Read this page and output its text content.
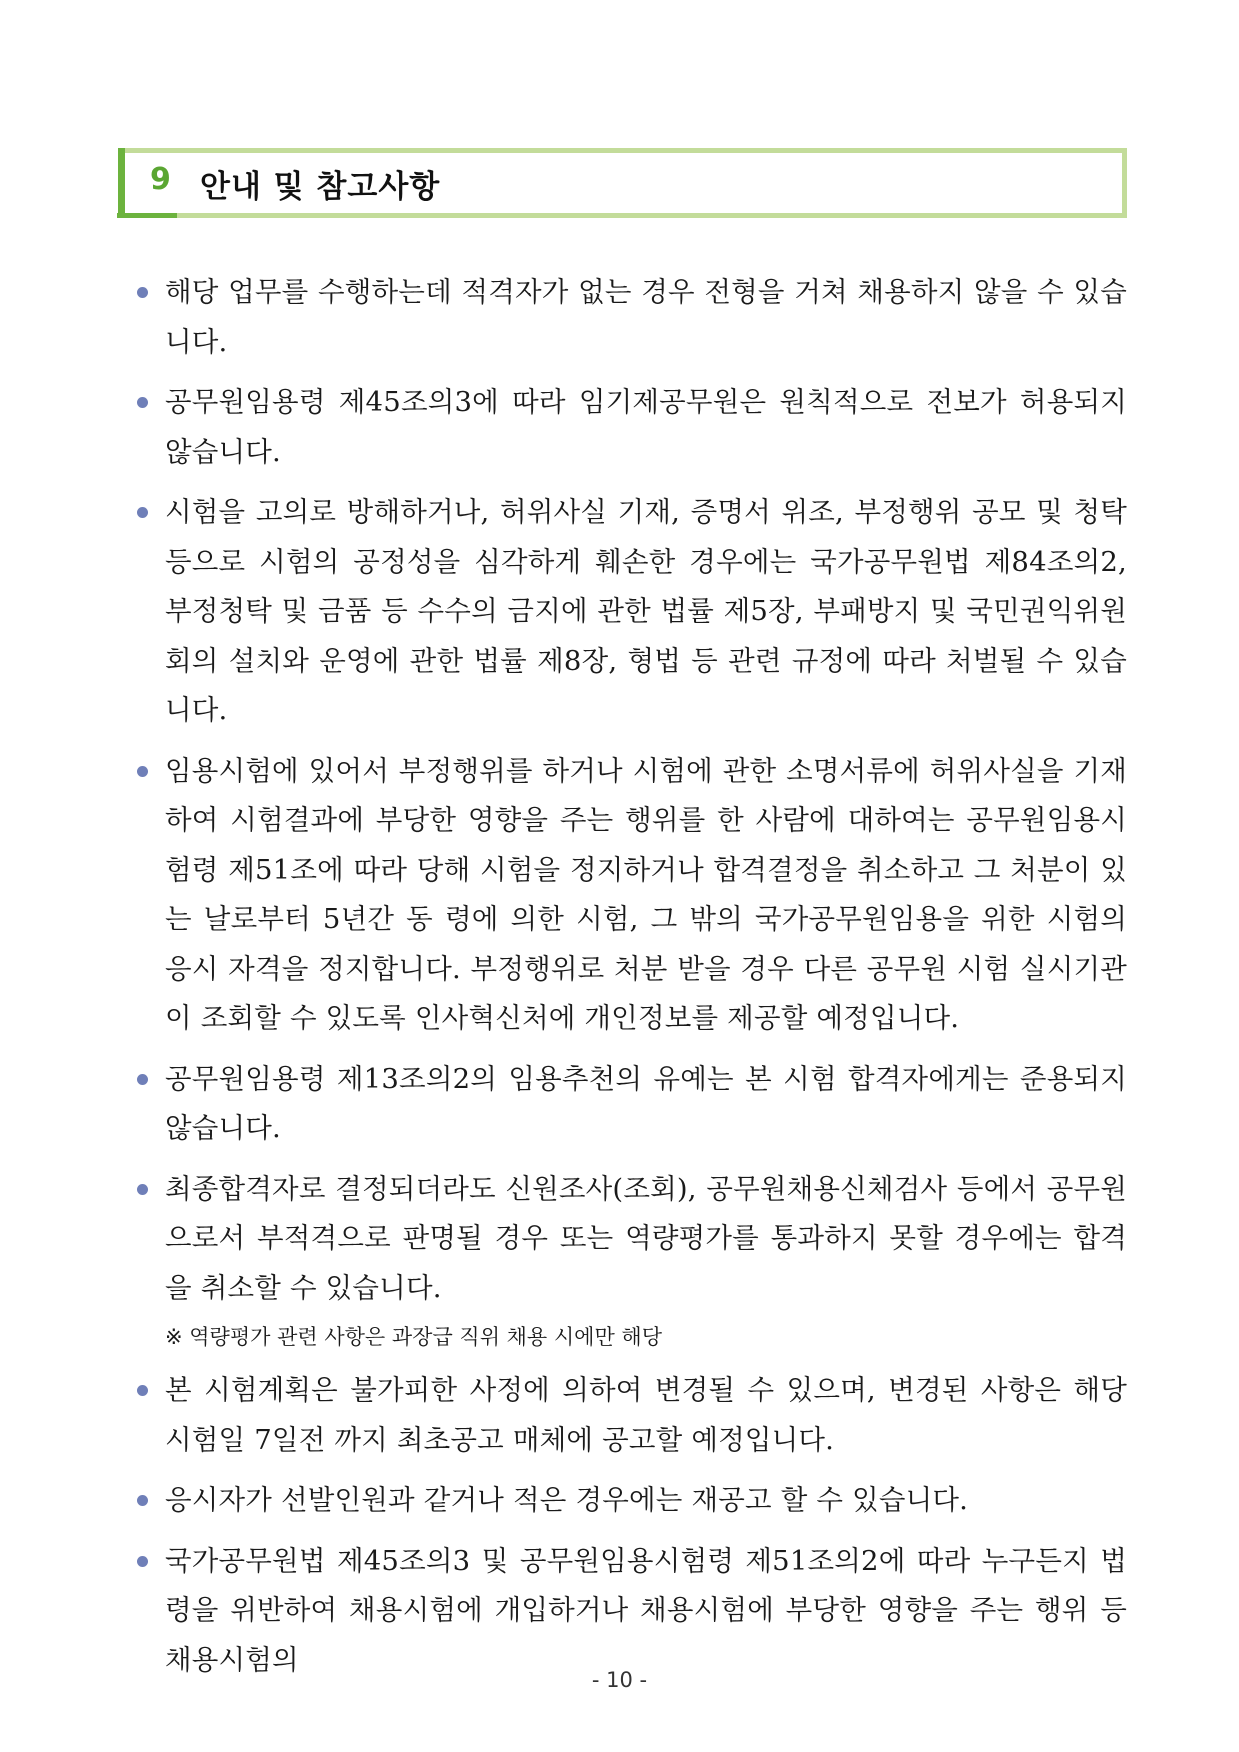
9 안내 및 참고사항
해당 업무를 수행하는데 적격자가 없는 경우 전형을 거쳐 채용하지 않을 수 있습니다.
공무원임용령 제45조의3에 따라 임기제공무원은 원칙적으로 전보가 허용되지 않습니다.
시험을 고의로 방해하거나, 허위사실 기재, 증명서 위조, 부정행위 공모 및 청탁 등으로 시험의 공정성을 심각하게 훼손한 경우에는 국가공무원법 제84조의2, 부정청탁 및 금품 등 수수의 금지에 관한 법률 제5장, 부패방지 및 국민권익위원회의 설치와 운영에 관한 법률 제8장, 형법 등 관련 규정에 따라 처벌될 수 있습니다.
임용시험에 있어서 부정행위를 하거나 시험에 관한 소명서류에 허위사실을 기재하여 시험결과에 부당한 영향을 주는 행위를 한 사람에 대하여는 공무원임용시험령 제51조에 따라 당해 시험을 정지하거나 합격결정을 취소하고 그 처분이 있는 날로부터 5년간 동 령에 의한 시험, 그 밖의 국가공무원임용을 위한 시험의 응시 자격을 정지합니다. 부정행위로 처분 받을 경우 다른 공무원 시험 실시기관이 조회할 수 있도록 인사혁신처에 개인정보를 제공할 예정입니다.
공무원임용령 제13조의2의 임용추천의 유예는 본 시험 합격자에게는 준용되지 않습니다.
최종합격자로 결정되더라도 신원조사(조회), 공무원채용신체검사 등에서 공무원으로서 부적격으로 판명될 경우 또는 역량평가를 통과하지 못할 경우에는 합격을 취소할 수 있습니다.
※ 역량평가 관련 사항은 과장급 직위 채용 시에만 해당
본 시험계획은 불가피한 사정에 의하여 변경될 수 있으며, 변경된 사항은 해당 시험일 7일전 까지 최초공고 매체에 공고할 예정입니다.
응시자가 선발인원과 같거나 적은 경우에는 재공고 할 수 있습니다.
국가공무원법 제45조의3 및 공무원임용시험령 제51조의2에 따라 누구든지 법령을 위반하여 채용시험에 개입하거나 채용시험에 부당한 영향을 주는 행위 등 채용시험의
- 10 -
